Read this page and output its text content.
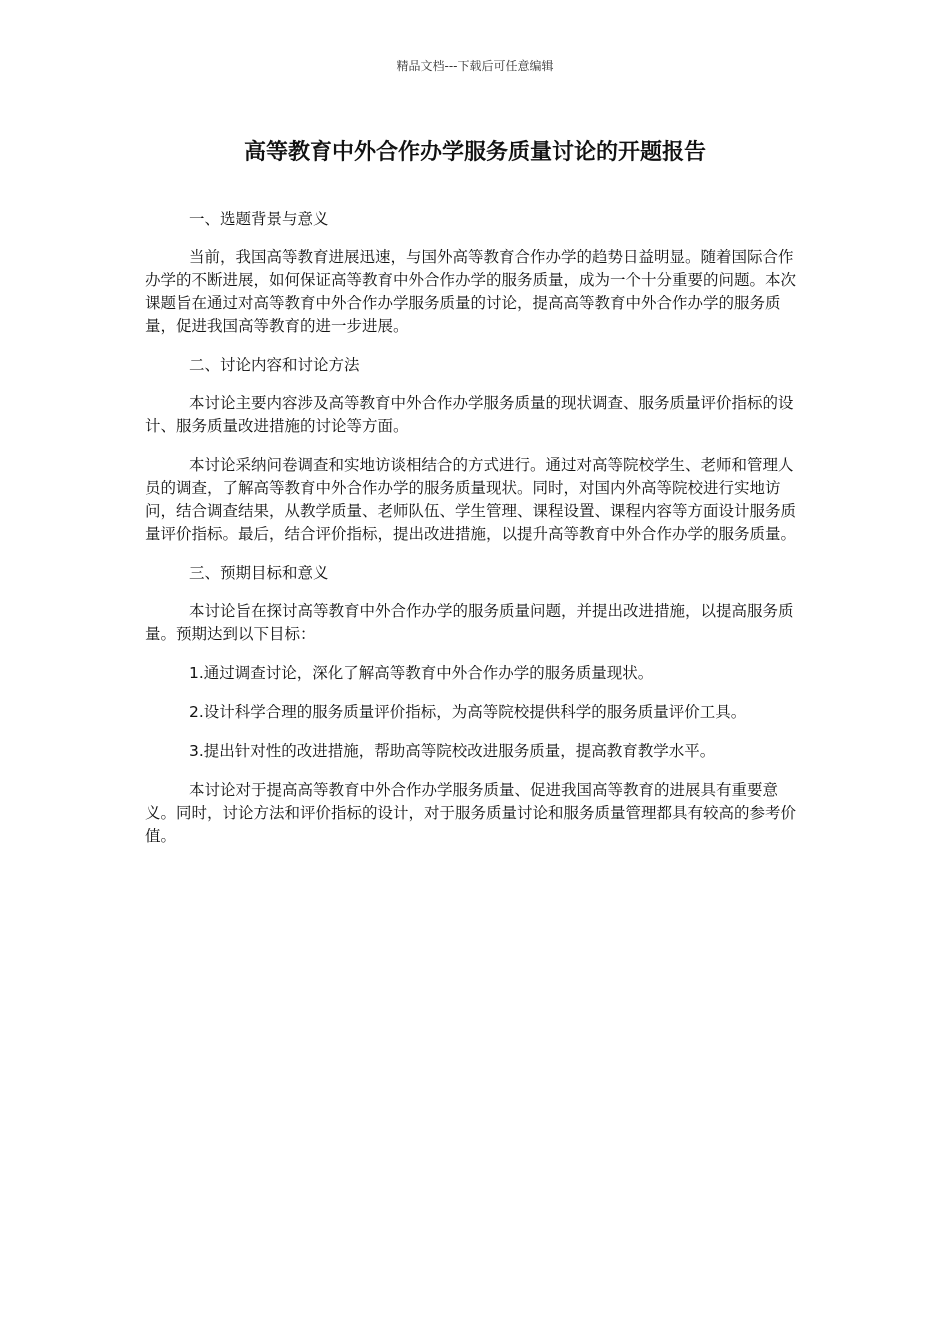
精品文档---下载后可任意编辑
高等教育中外合作办学服务质量讨论的开题报告

一、选题背景与意义

当前，我国高等教育进展迅速，与国外高等教育合作办学的趋势日益明显。随着国际合作办学的不断进展，如何保证高等教育中外合作办学的服务质量，成为一个十分重要的问题。本次课题旨在通过对高等教育中外合作办学服务质量的讨论，提高高等教育中外合作办学的服务质量，促进我国高等教育的进一步进展。

二、讨论内容和讨论方法

本讨论主要内容涉及高等教育中外合作办学服务质量的现状调查、服务质量评价指标的设计、服务质量改进措施的讨论等方面。

本讨论采纳问卷调查和实地访谈相结合的方式进行。通过对高等院校学生、老师和管理人员的调查，了解高等教育中外合作办学的服务质量现状。同时，对国内外高等院校进行实地访问，结合调查结果，从教学质量、老师队伍、学生管理、课程设置、课程内容等方面设计服务质量评价指标。最后，结合评价指标，提出改进措施，以提升高等教育中外合作办学的服务质量。

三、预期目标和意义

本讨论旨在探讨高等教育中外合作办学的服务质量问题，并提出改进措施，以提高服务质量。预期达到以下目标：

1.通过调查讨论，深化了解高等教育中外合作办学的服务质量现状。

2.设计科学合理的服务质量评价指标，为高等院校提供科学的服务质量评价工具。

3.提出针对性的改进措施，帮助高等院校改进服务质量，提高教育教学水平。

本讨论对于提高高等教育中外合作办学服务质量、促进我国高等教育的进展具有重要意义。同时，讨论方法和评价指标的设计，对于服务质量讨论和服务质量管理都具有较高的参考价值。
